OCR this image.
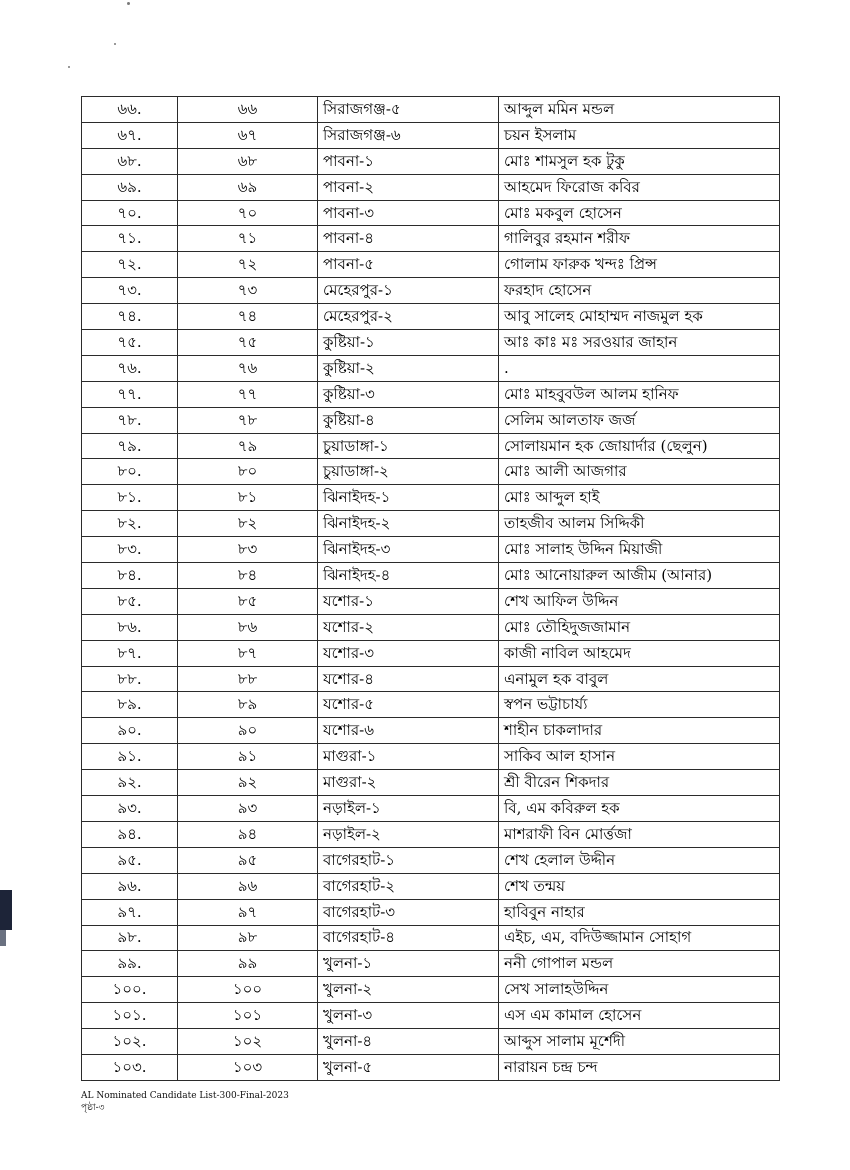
৬৬.	৬৬	সিরাজগঞ্জ-৫	আব্দুল মমিন মন্ডল
৬৭.	৬৭	সিরাজগঞ্জ-৬	চয়ন ইসলাম
৬৮.	৬৮	পাবনা-১	মোঃ শামসুল হক টুকু
৬৯.	৬৯	পাবনা-২	আহমেদ ফিরোজ কবির
৭০.	৭০	পাবনা-৩	মোঃ মকবুল হোসেন
৭১.	৭১	পাবনা-৪	গালিবুর রহমান শরীফ
৭২.	৭২	পাবনা-৫	গোলাম ফারুক খন্দঃ প্রিন্স
৭৩.	৭৩	মেহেরপুর-১	ফরহাদ হোসেন
৭৪.	৭৪	মেহেরপুর-২	আবু সালেহ মোহাম্মদ নাজমুল হক
৭৫.	৭৫	কুষ্টিয়া-১	আঃ কাঃ মঃ সরওয়ার জাহান
৭৬.	৭৬	কুষ্টিয়া-২	.
৭৭.	৭৭	কুষ্টিয়া-৩	মোঃ মাহবুবউল আলম হানিফ
৭৮.	৭৮	কুষ্টিয়া-৪	সেলিম আলতাফ জর্জ
৭৯.	৭৯	চুয়াডাঙ্গা-১	সোলায়মান হক জোয়ার্দার (ছেলুন)
৮০.	৮০	চুয়াডাঙ্গা-২	মোঃ আলী আজগার
৮১.	৮১	ঝিনাইদহ-১	মোঃ আব্দুল হাই
৮২.	৮২	ঝিনাইদহ-২	তাহজীব আলম সিদ্দিকী
৮৩.	৮৩	ঝিনাইদহ-৩	মোঃ সালাহ উদ্দিন মিয়াজী
৮৪.	৮৪	ঝিনাইদহ-৪	মোঃ আনোয়ারুল আজীম (আনার)
৮৫.	৮৫	যশোর-১	শেখ আফিল উদ্দিন
৮৬.	৮৬	যশোর-২	মোঃ তৌহিদুজজামান
৮৭.	৮৭	যশোর-৩	কাজী নাবিল আহমেদ
৮৮.	৮৮	যশোর-৪	এনামুল হক বাবুল
৮৯.	৮৯	যশোর-৫	স্বপন ভট্টাচার্য্য
৯০.	৯০	যশোর-৬	শাহীন চাকলাদার
৯১.	৯১	মাগুরা-১	সাকিব আল হাসান
৯২.	৯২	মাগুরা-২	শ্রী বীরেন শিকদার
৯৩.	৯৩	নড়াইল-১	বি, এম কবিরুল হক
৯৪.	৯৪	নড়াইল-২	মাশরাফী বিন মোর্ত্তজা
৯৫.	৯৫	বাগেরহাট-১	শেখ হেলাল উদ্দীন
৯৬.	৯৬	বাগেরহাট-২	শেখ তন্ময়
৯৭.	৯৭	বাগেরহাট-৩	হাবিবুন নাহার
৯৮.	৯৮	বাগেরহাট-৪	এইচ, এম, বদিউজ্জামান সোহাগ
৯৯.	৯৯	খুলনা-১	ননী গোপাল মন্ডল
১০০.	১০০	খুলনা-২	সেখ সালাহউদ্দিন
১০১.	১০১	খুলনা-৩	এস এম কামাল হোসেন
১০২.	১০২	খুলনা-৪	আব্দুস সালাম মূর্শেদী
১০৩.	১০৩	খুলনা-৫	নারায়ন চন্দ্র চন্দ
AL Nominated Candidate List-300-Final-2023
পৃষ্ঠা-৩
